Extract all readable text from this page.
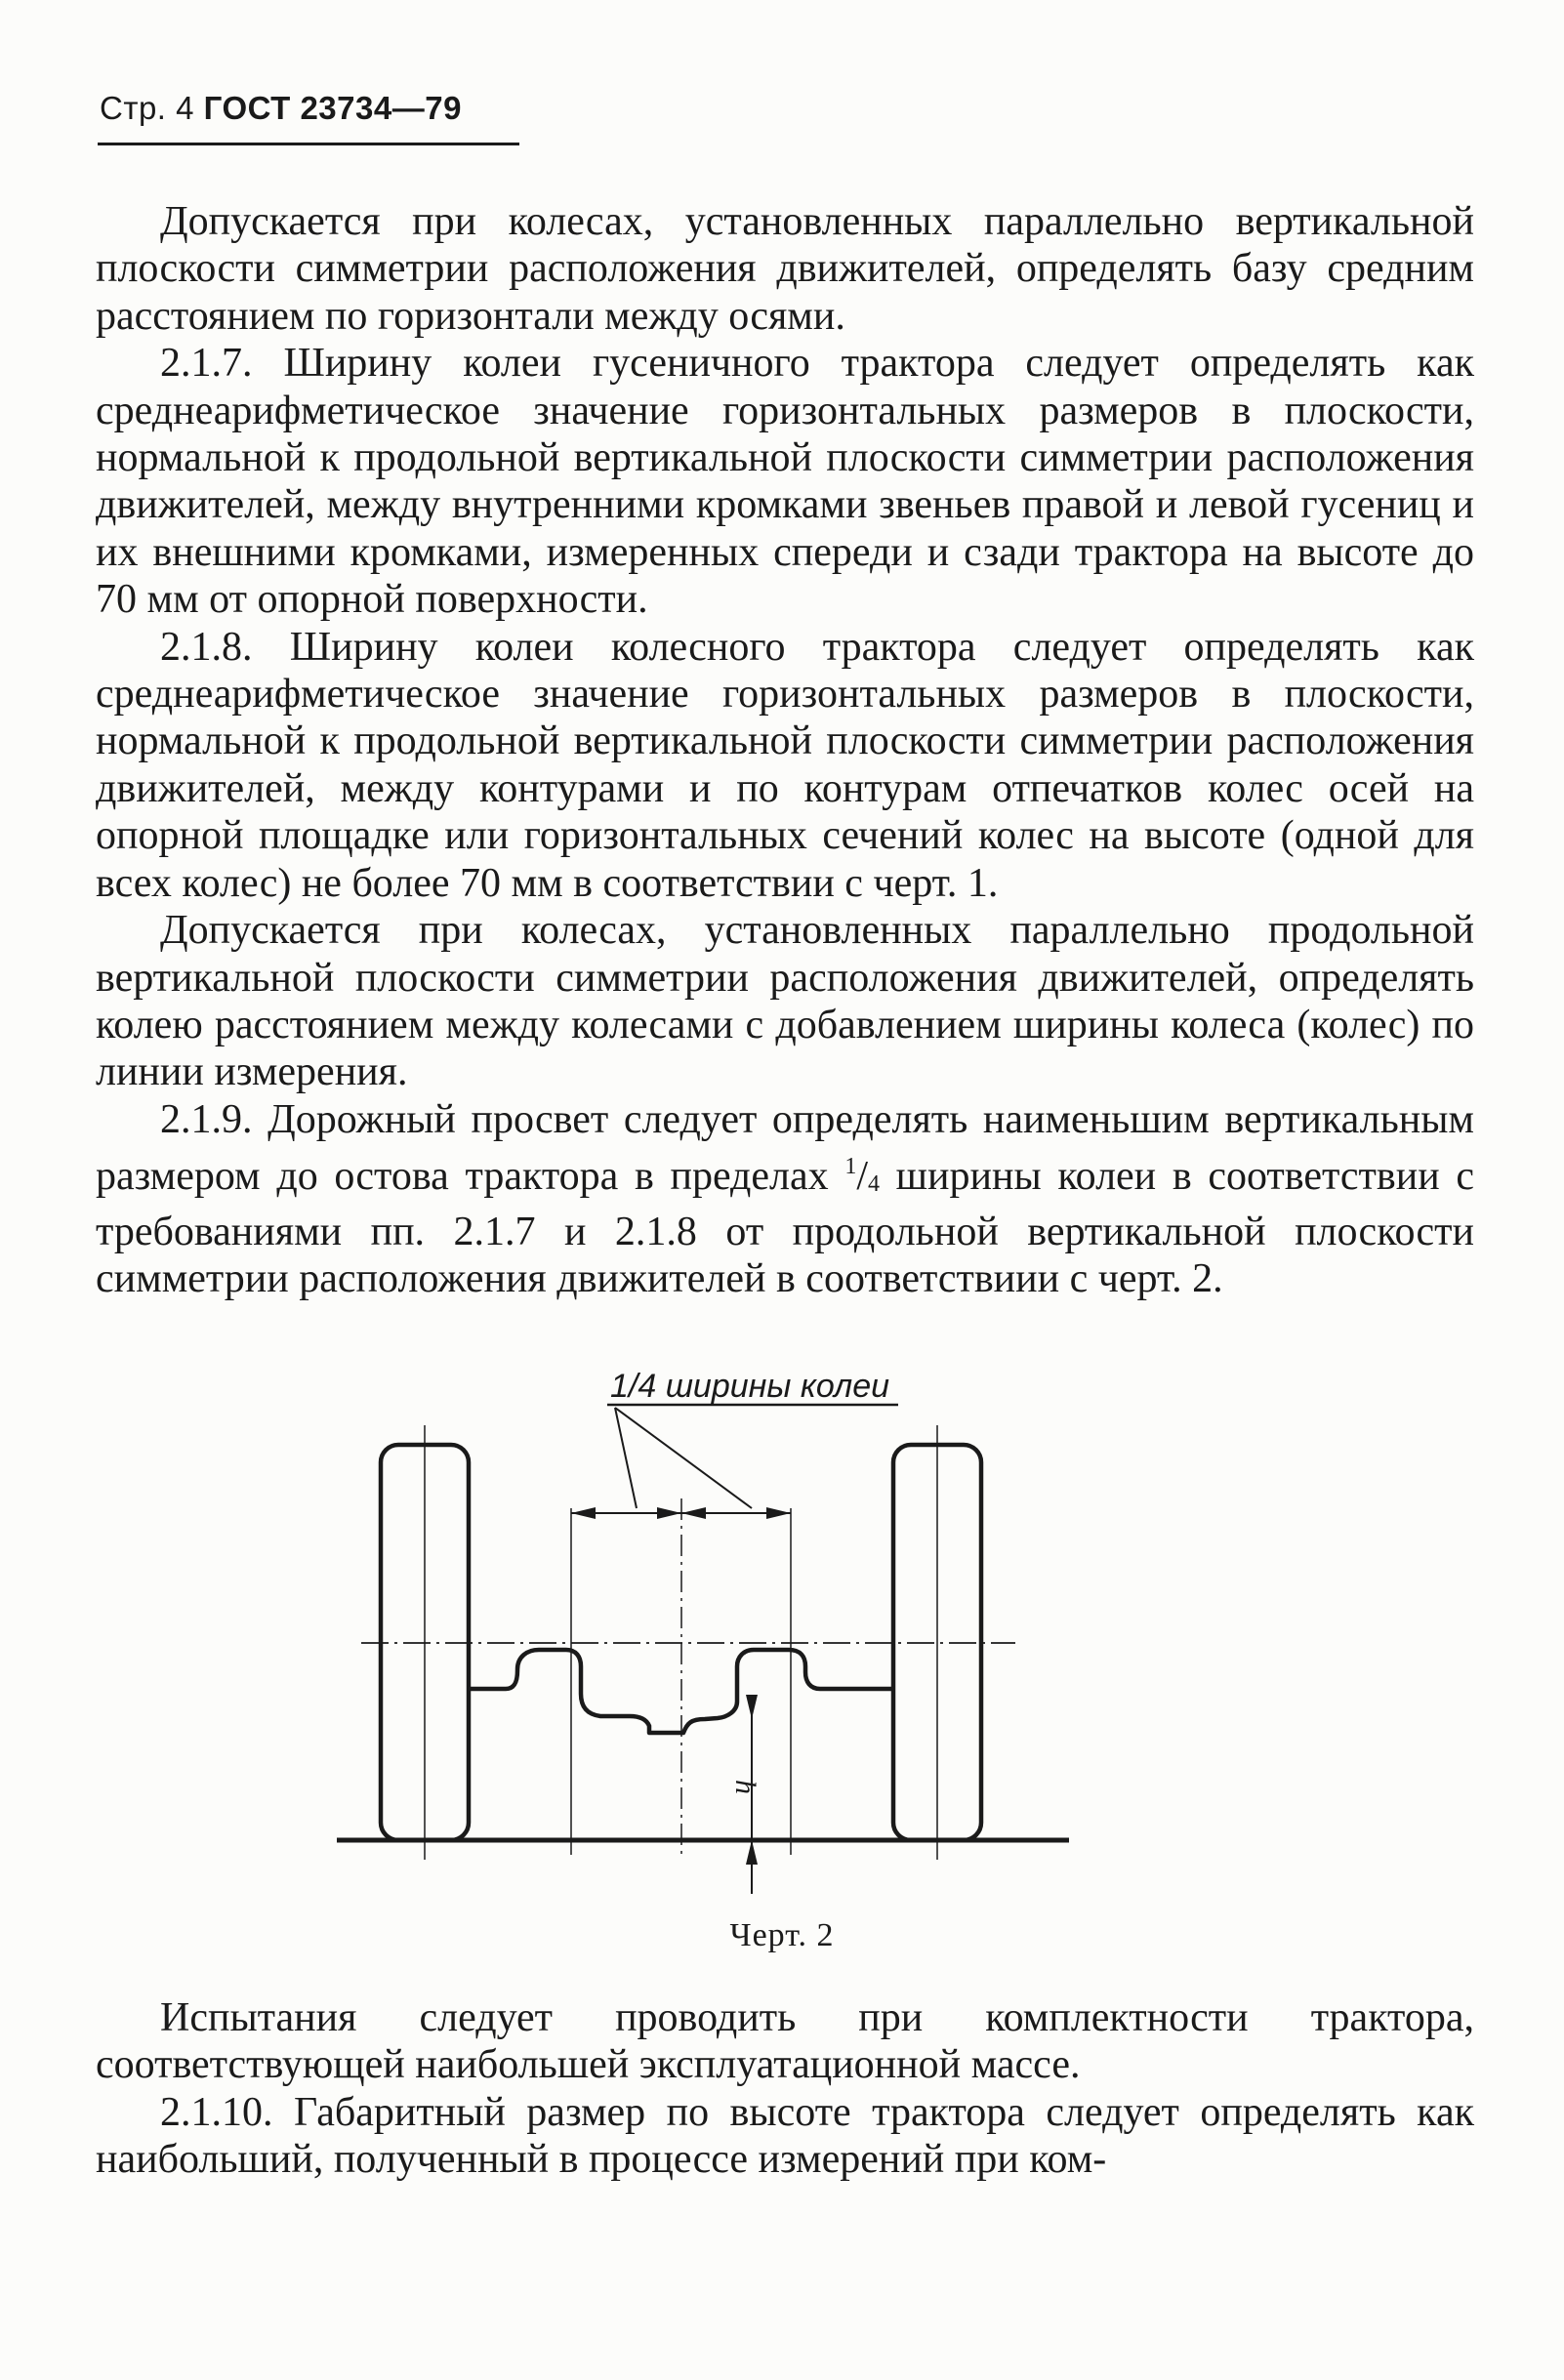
Стр. 4 ГОСТ 23734—79

Допускается при колесах, установленных параллельно вертикальной плоскости симметрии расположения движителей, определять базу средним расстоянием по горизонтали между осями.

2.1.7. Ширину колеи гусеничного трактора следует определять как среднеарифметическое значение горизонтальных размеров в плоскости, нормальной к продольной вертикальной плоскости симметрии расположения движителей, между внутренними кромками звеньев правой и левой гусениц и их внешними кромками, измеренных спереди и сзади трактора на высоте до 70 мм от опорной поверхности.

2.1.8. Ширину колеи колесного трактора следует определять как среднеарифметическое значение горизонтальных размеров в плоскости, нормальной к продольной вертикальной плоскости симметрии расположения движителей, между контурами и по контурам отпечатков колес осей на опорной площадке или горизонтальных сечений колес на высоте (одной для всех колес) не более 70 мм в соответствии с черт. 1.

Допускается при колесах, установленных параллельно продольной вертикальной плоскости симметрии расположения движителей, определять колею расстоянием между колесами с добавлением ширины колеса (колес) по линии измерения.

2.1.9. Дорожный просвет следует определять наименьшим вертикальным размером до остова трактора в пределах $^1/_4$ ширины колеи в соответствии с требованиями пп. 2.1.7 и 2.1.8 от продольной вертикальной плоскости симметрии расположения движителей в соответствиии с черт. 2.

1/4 ширины колеи
h
Черт. 2

Испытания следует проводить при комплектности трактора, соответствующей наибольшей эксплуатационной массе.

2.1.10. Габаритный размер по высоте трактора следует определять как наибольший, полученный в процессе измерений при ком-
